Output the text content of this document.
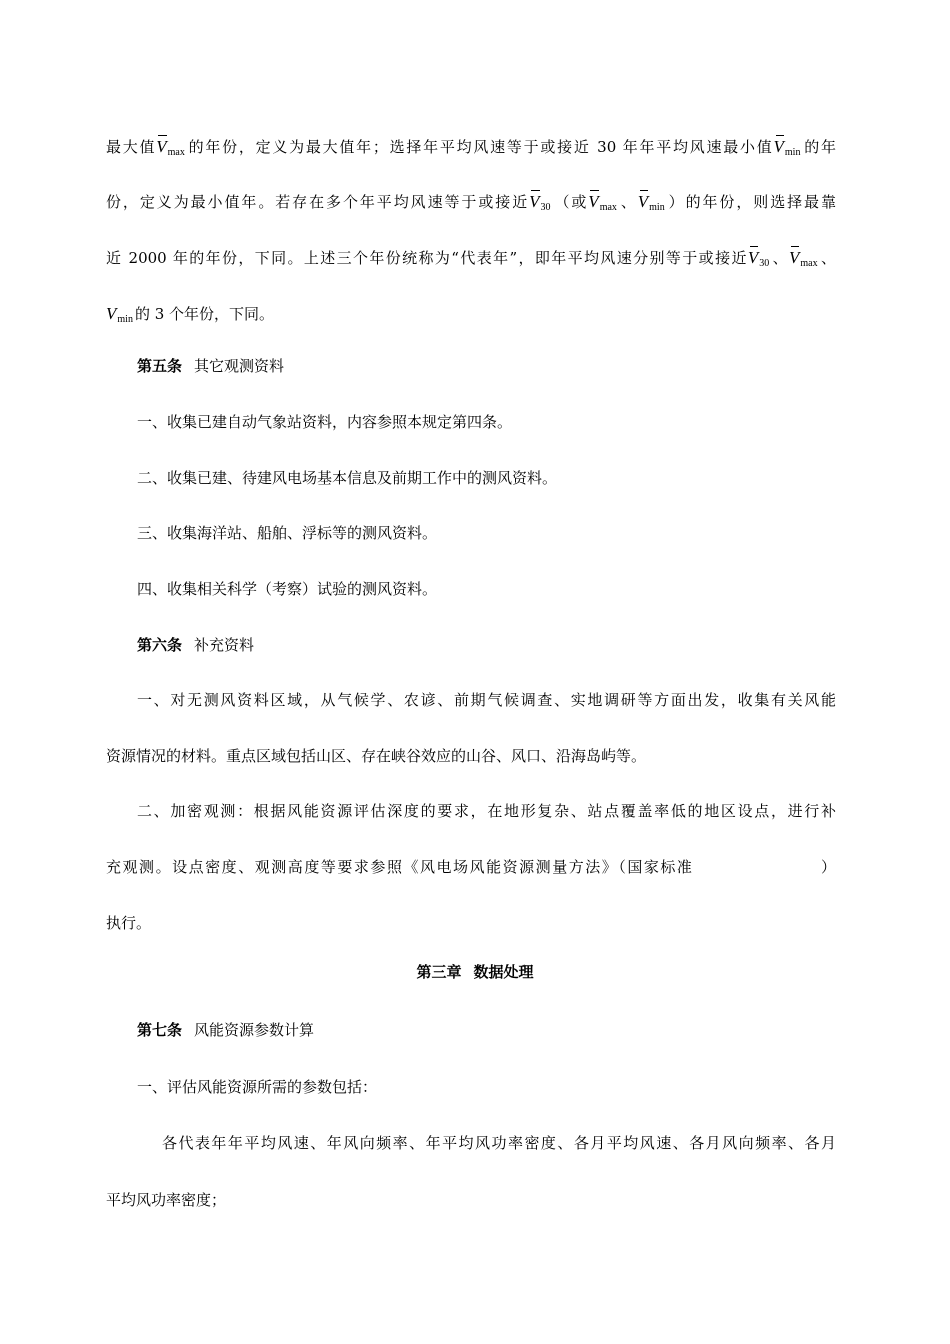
最大值$V_{max}$ 的年份，定义为最大值年；选择年平均风速等于或接近 30 年年平均风速最小值$V_{min}$ 的年
份，定义为最小值年。若存在多个年平均风速等于或接近$V_{30}$ （或$V_{max}$ 、$V_{min}$ ）的年份，则选择最靠
近 2000 年的年份，下同。上述三个年份统称为“代表年”，即年平均风速分别等于或接近$V_{30}$ 、$V_{max}$ 、
$V_{min}$ 的 3 个年份，下同。
第五条 其它观测资料
一、收集已建自动气象站资料，内容参照本规定第四条。
二、收集已建、待建风电场基本信息及前期工作中的测风资料。
三、收集海洋站、船舶、浮标等的测风资料。
四、收集相关科学（考察）试验的测风资料。
第六条 补充资料
一、对无测风资料区域，从气候学、农谚、前期气候调查、实地调研等方面出发，收集有关风能
资源情况的材料。重点区域包括山区、存在峡谷效应的山谷、风口、沿海岛屿等。
二、加密观测：根据风能资源评估深度的要求，在地形复杂、站点覆盖率低的地区设点，进行补
充观测。设点密度、观测高度等要求参照《风电场风能资源测量方法》（国家标准	）
执行。
第三章 数据处理
第七条 风能资源参数计算
一、评估风能资源所需的参数包括：
各代表年年平均风速、年风向频率、年平均风功率密度、各月平均风速、各月风向频率、各月
平均风功率密度；
